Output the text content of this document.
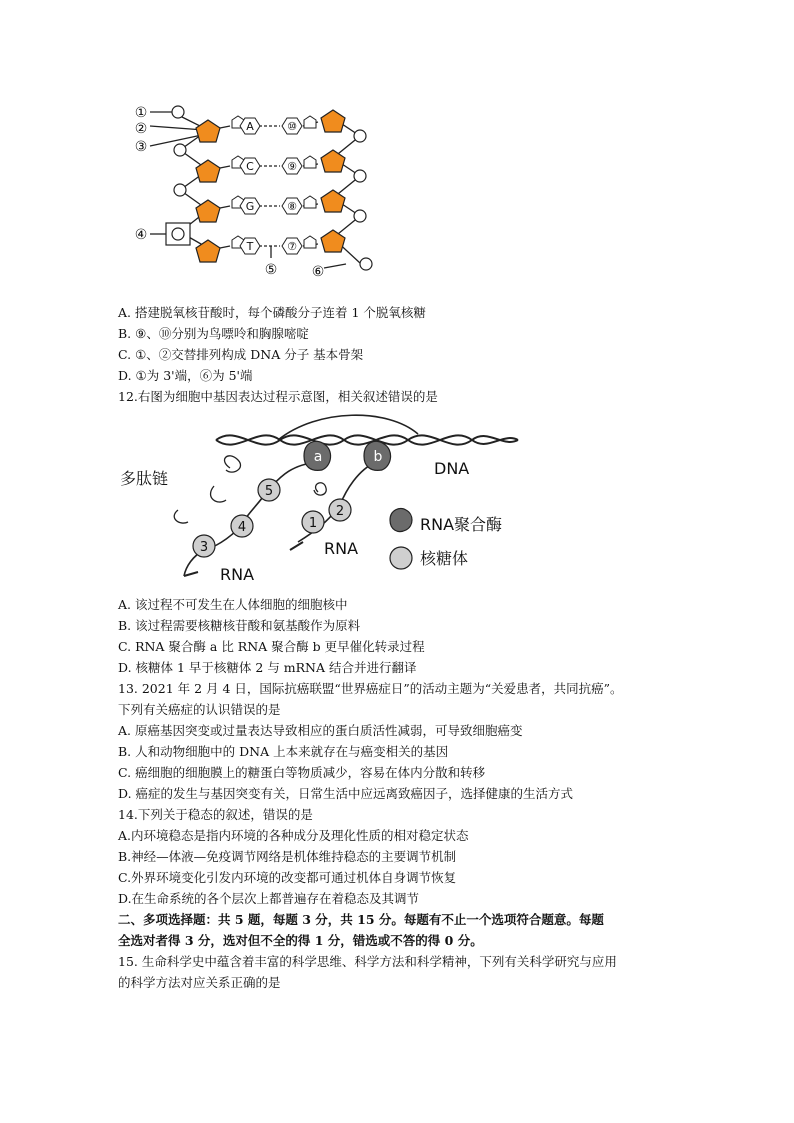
A
C
G
T
⑩
⑨
⑧
⑦
①
②
③
④
⑤ ⑥
A. 搭建脱氧核苷酸时，每个磷酸分子连着 1 个脱氧核糖
B. ⑨、⑩分别为鸟嘌呤和胸腺嘧啶
C. ①、②交替排列构成 DNA 分子 基本骨架
D. ①为 3'端，⑥为 5'端
12.右图为细胞中基因表达过程示意图，相关叙述错误的是
a	b
1
2
3
4
5
DNA
多肽链
RNA
RNA
RNA聚合酶
核糖体
A. 该过程不可发生在人体细胞的细胞核中
B. 该过程需要核糖核苷酸和氨基酸作为原料
C. RNA 聚合酶 a 比 RNA 聚合酶 b 更早催化转录过程
D. 核糖体 1 早于核糖体 2 与 mRNA 结合并进行翻译
13. 2021 年 2 月 4 日，国际抗癌联盟“世界癌症日”的活动主题为“关爱患者，共同抗癌”。
下列有关癌症的认识错误的是
A. 原癌基因突变或过量表达导致相应的蛋白质活性减弱，可导致细胞癌变
B. 人和动物细胞中的 DNA 上本来就存在与癌变相关的基因
C. 癌细胞的细胞膜上的糖蛋白等物质减少，容易在体内分散和转移
D. 癌症的发生与基因突变有关，日常生活中应远离致癌因子，选择健康的生活方式
14.下列关于稳态的叙述，错误的是
A.内环境稳态是指内环境的各种成分及理化性质的相对稳定状态
B.神经—体液—免疫调节网络是机体维持稳态的主要调节机制
C.外界环境变化引发内环境的改变都可通过机体自身调节恢复
D.在生命系统的各个层次上都普遍存在着稳态及其调节
二、多项选择题：共 5 题，每题 3 分，共 15 分。每题有不止一个选项符合题意。每题
全选对者得 3 分，选对但不全的得 1 分，错选或不答的得 0 分。
15. 生命科学史中蕴含着丰富的科学思维、科学方法和科学精神，下列有关科学研究与应用
的科学方法对应关系正确的是
